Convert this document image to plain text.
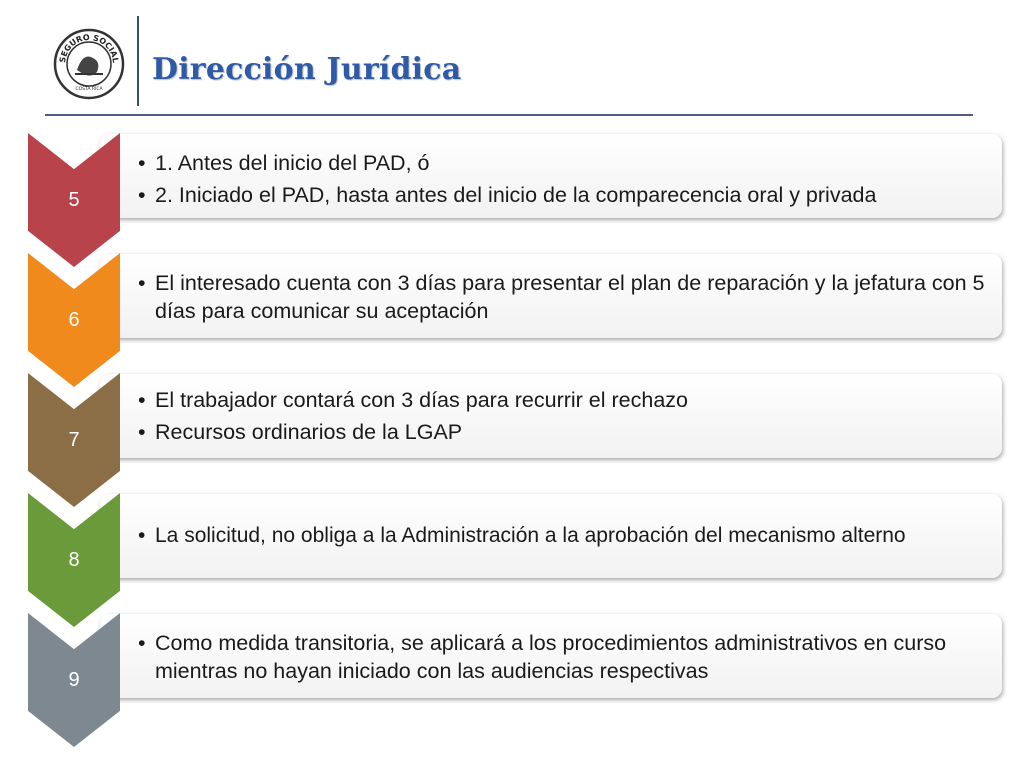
SEGURO SOCIAL
COSTA RICA
Dirección Jurídica
5
• 1. Antes del inicio del PAD, ó
• 2. Iniciado el PAD, hasta antes del inicio de la comparecencia oral y privada
6
• El interesado cuenta con 3 días para presentar el plan de reparación y la jefatura con 5 días para comunicar su aceptación
7
• El trabajador contará con 3 días para recurrir el rechazo
• Recursos ordinarios de la LGAP
8
• La solicitud, no obliga a la Administración a la aprobación del mecanismo alterno
9
• Como medida transitoria, se aplicará a los procedimientos administrativos en curso mientras no hayan iniciado con las audiencias respectivas
